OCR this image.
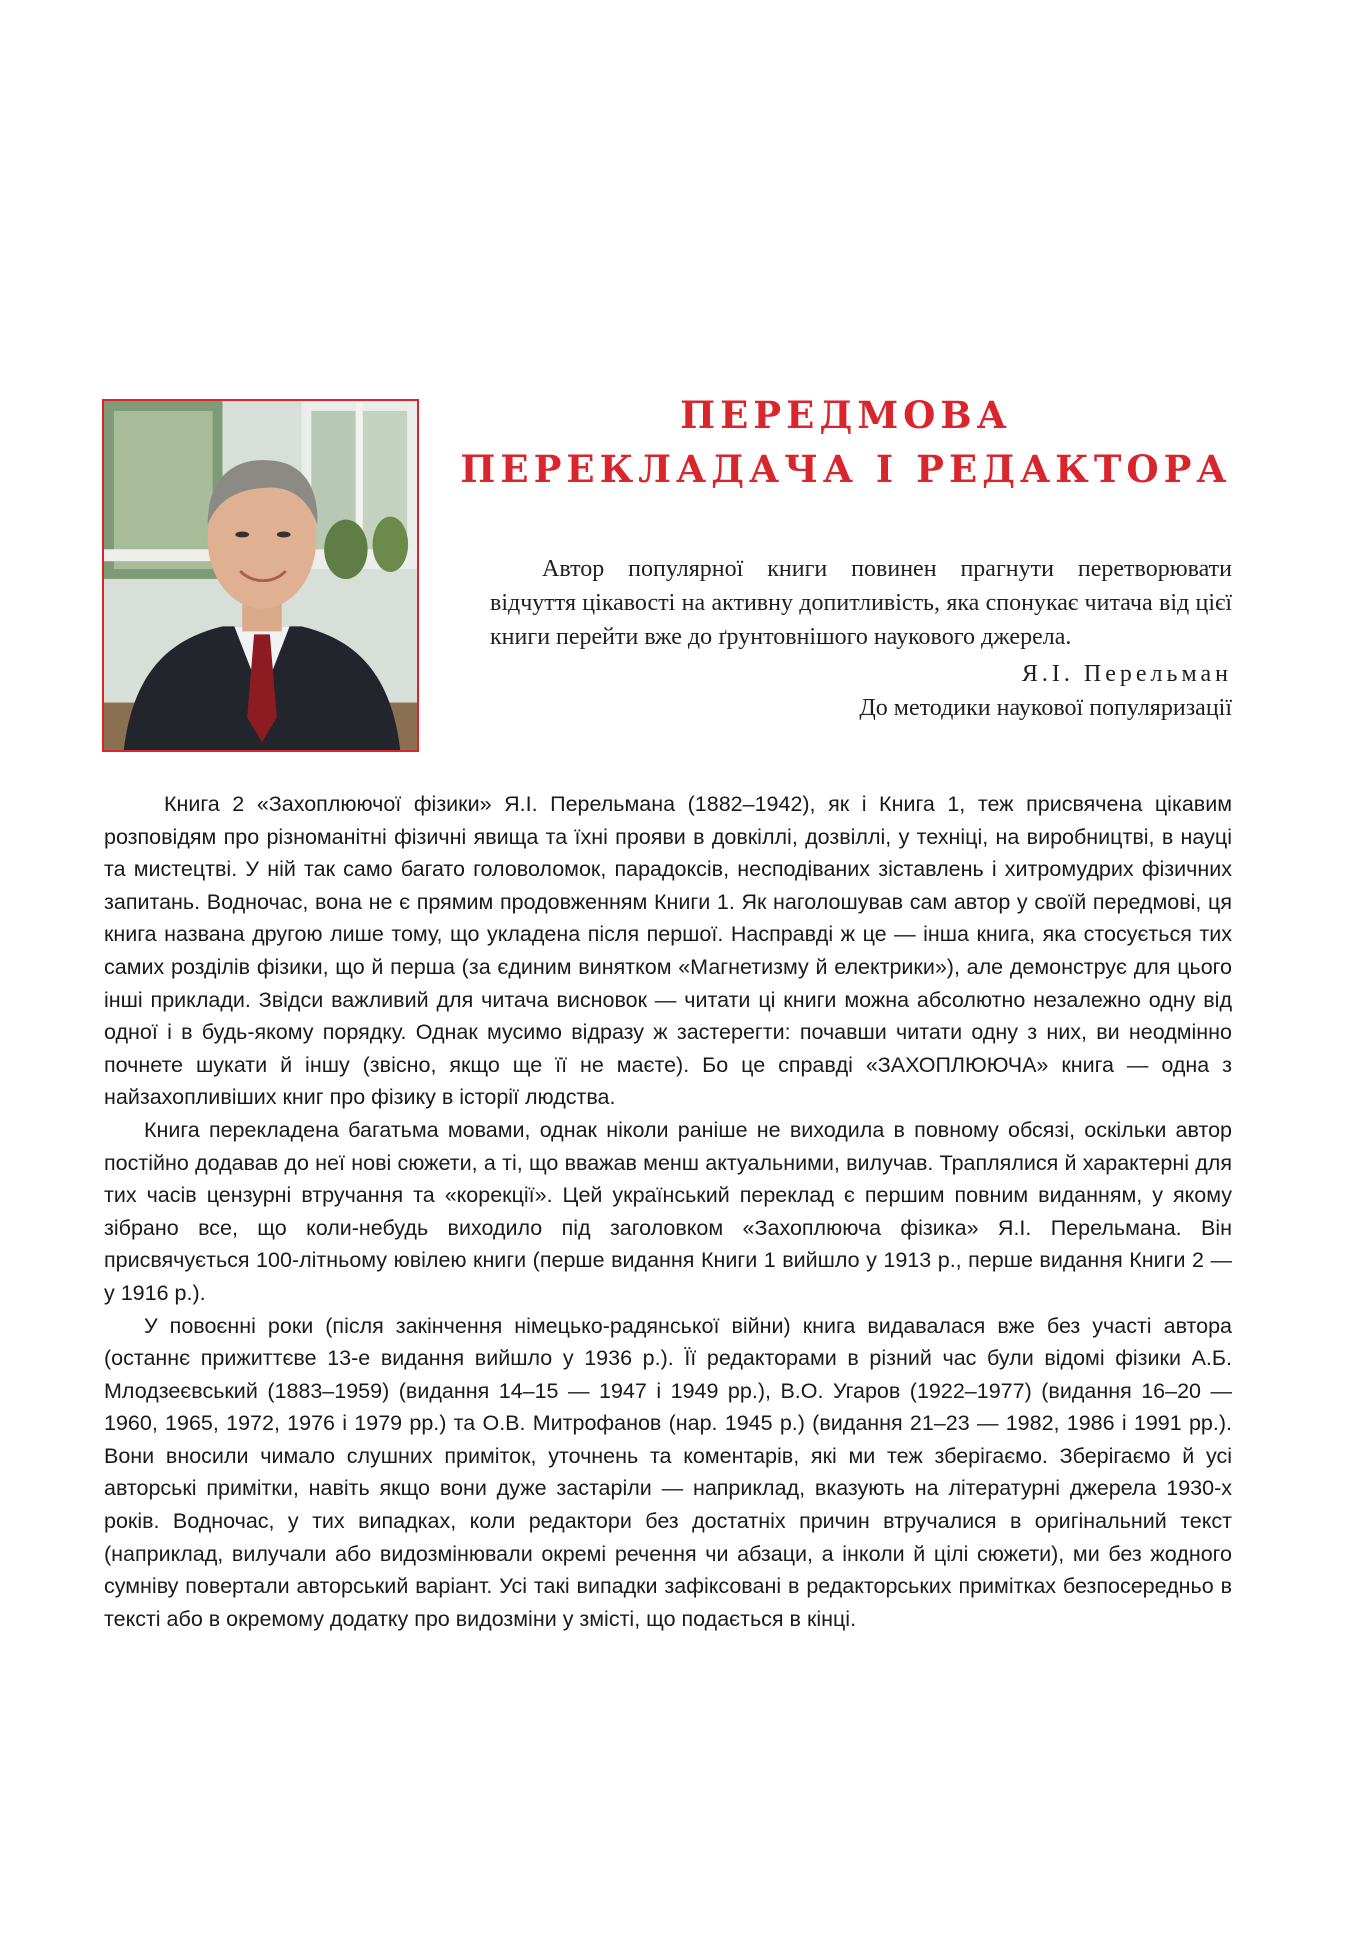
ПЕРЕДМОВА
ПЕРЕКЛАДАЧА І РЕДАКТОРА

Автор популярної книги повинен прагнути перетворювати відчуття цікавості на активну допитливість, яка спонукає читача від цієї книги перейти вже до ґрунтовнішого наукового джерела.

Я.І. Перельман

До методики наукової популяризації

Книга 2 «Захоплюючої фізики» Я.І. Перельмана (1882–1942), як і Книга 1, теж присвячена цікавим розповідям про різноманітні фізичні явища та їхні прояви в довкіллі, дозвіллі, у техніці, на виробництві, в науці та мистецтві. У ній так само багато головоломок, парадоксів, несподіваних зіставлень і хитромудрих фізичних запитань. Водночас, вона не є прямим продовженням Книги 1. Як наголошував сам автор у своїй передмові, ця книга названа другою лише тому, що укладена після першої. Насправді ж це — інша книга, яка стосується тих самих розділів фізики, що й перша (за єдиним винятком «Магнетизму й електрики»), але демонструє для цього інші приклади. Звідси важливий для читача висновок — читати ці книги можна абсолютно незалежно одну від одної і в будь-якому порядку. Однак мусимо відразу ж застерегти: почавши читати одну з них, ви неодмінно почнете шукати й іншу (звісно, якщо ще її не маєте). Бо це справді «ЗАХОПЛЮЮЧА» книга — одна з найзахопливіших книг про фізику в історії людства.

Книга перекладена багатьма мовами, однак ніколи раніше не виходила в повному обсязі, оскільки автор постійно додавав до неї нові сюжети, а ті, що вважав менш актуальними, вилучав. Траплялися й характерні для тих часів цензурні втручання та «корекції». Цей український переклад є першим повним виданням, у якому зібрано все, що коли-небудь виходило під заголовком «Захоплююча фізика» Я.І. Перельмана. Він присвячується 100-літньому ювілею книги (перше видання Книги 1 вийшло у 1913 р., перше видання Книги 2 — у 1916 р.).

У повоєнні роки (після закінчення німецько-радянської війни) книга видавалася вже без участі автора (останнє прижиттєве 13-е видання вийшло у 1936 р.). Її редакторами в різний час були відомі фізики А.Б. Млодзеєвський (1883–1959) (видання 14–15 — 1947 і 1949 рр.), В.О. Угаров (1922–1977) (видання 16–20 — 1960, 1965, 1972, 1976 і 1979 рр.) та О.В. Митрофанов (нар. 1945 р.) (видання 21–23 — 1982, 1986 і 1991 рр.). Вони вносили чимало слушних приміток, уточнень та коментарів, які ми теж зберігаємо. Зберігаємо й усі авторські примітки, навіть якщо вони дуже застаріли — наприклад, вказують на літературні джерела 1930-х років. Водночас, у тих випадках, коли редактори без достатніх причин втручалися в оригінальний текст (наприклад, вилучали або видозмінювали окремі речення чи абзаци, а інколи й цілі сюжети), ми без жодного сумніву повертали авторський варіант. Усі такі випадки зафіксовані в редакторських примітках безпосередньо в тексті або в окремому додатку про видозміни у змісті, що подається в кінці.
